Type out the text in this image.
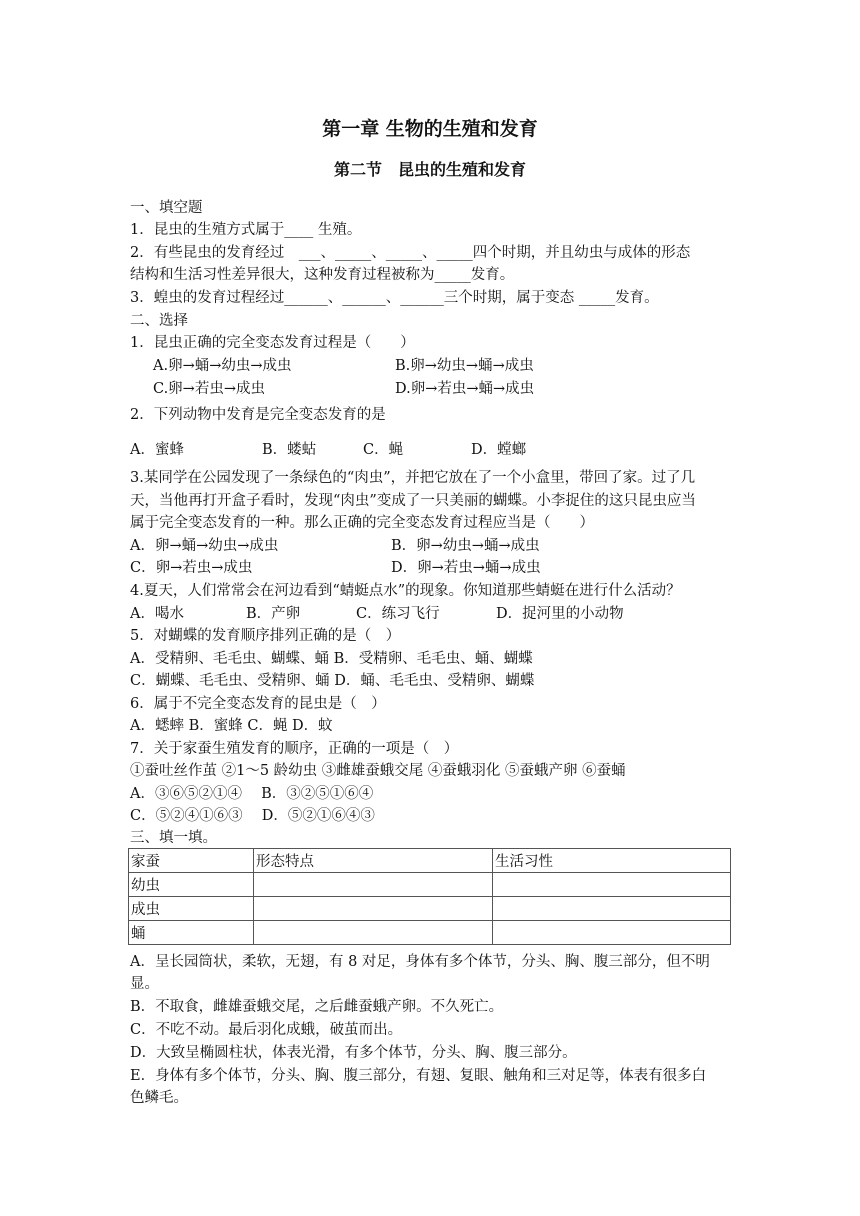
第一章 生物的生殖和发育
第二节　昆虫的生殖和发育
一、填空题
1．昆虫的生殖方式属于____ 生殖。
2．有些昆虫的发育经过　___、_____、_____、_____四个时期，并且幼虫与成体的形态
结构和生活习性差异很大，这种发育过程被称为_____发育。
3．蝗虫的发育过程经过______、______、______三个时期，属于变态 _____发育。
二、选择
1．昆虫正确的完全变态发育过程是（　　）
A.卵→蛹→幼虫→成虫	B.卵→幼虫→蛹→成虫
C.卵→若虫→成虫	D.卵→若虫→蛹→成虫
2．下列动物中发育是完全变态发育的是
A．蜜蜂	B．蝼蛄	C．蝇	D．螳螂
3.某同学在公园发现了一条绿色的“肉虫”，并把它放在了一个小盒里，带回了家。过了几
天，当他再打开盒子看时，发现“肉虫”变成了一只美丽的蝴蝶。小李捉住的这只昆虫应当
属于完全变态发育的一种。那么正确的完全变态发育过程应当是（　　）
A．卵→蛹→幼虫→成虫	B．卵→幼虫→蛹→成虫
C．卵→若虫→成虫	D．卵→若虫→蛹→成虫
4.夏天，人们常常会在河边看到“蜻蜓点水”的现象。你知道那些蜻蜓在进行什么活动？
A．喝水	B．产卵	C．练习飞行	D．捉河里的小动物
5．对蝴蝶的发育顺序排列正确的是（　）
A．受精卵、毛毛虫、蝴蝶、蛹 B．受精卵、毛毛虫、蛹、蝴蝶
C．蝴蝶、毛毛虫、受精卵、蛹 D．蛹、毛毛虫、受精卵、蝴蝶
6．属于不完全变态发育的昆虫是（　）
A．蟋蟀 B．蜜蜂 C．蝇 D．蚊
7．关于家蚕生殖发育的顺序，正确的一项是（　）
①蚕吐丝作茧 ②1～5 龄幼虫 ③雌雄蚕蛾交尾 ④蚕蛾羽化 ⑤蚕蛾产卵 ⑥蚕蛹
A．③⑥⑤②①④　 B．③②⑤①⑥④
C．⑤②④①⑥③　 D．⑤②①⑥④③
三、填一填。
家蚕	形态特点	生活习性
幼虫		
成虫		
蛹		
A．呈长园筒状，柔软，无翅，有 8 对足，身体有多个体节，分头、胸、腹三部分，但不明
显。
B．不取食，雌雄蚕蛾交尾，之后雌蚕蛾产卵。不久死亡。
C．不吃不动。最后羽化成蛾，破茧而出。
D．大致呈椭圆柱状，体表光滑，有多个体节，分头、胸、腹三部分。
E．身体有多个体节，分头、胸、腹三部分，有翅、复眼、触角和三对足等，体表有很多白
色鳞毛。
